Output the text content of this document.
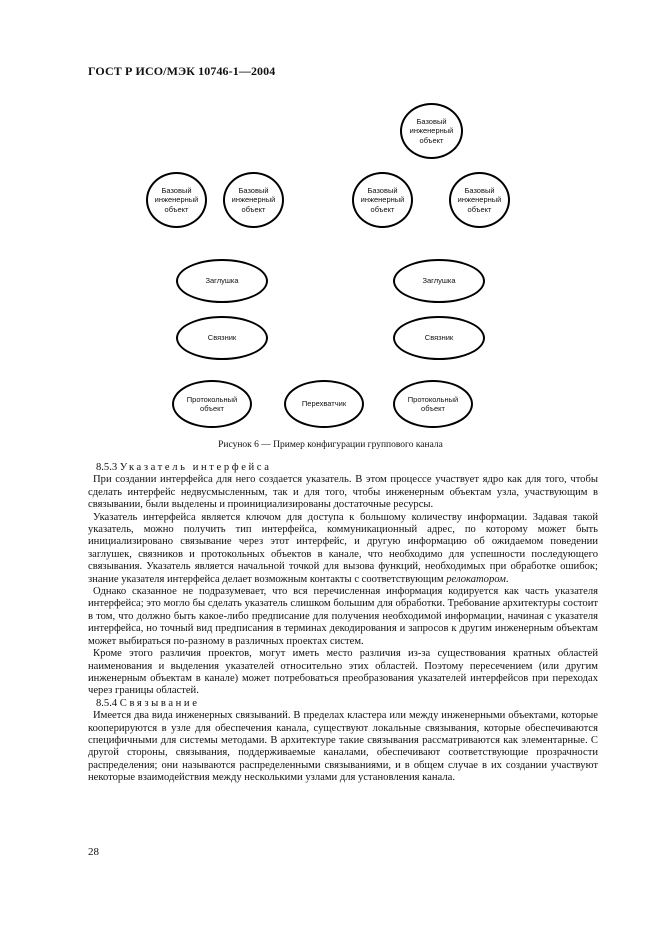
ГОСТ Р ИСО/МЭК 10746-1—2004
Базовый
инженерный
объект
Базовый
инженерный
объект
Базовый
инженерный
объект
Базовый
инженерный
объект
Базовый
инженерный
объект
Заглушка	Заглушка
Связник	Связник
Протокольный
объект
Перехватчик
Протокольный
объект
Рисунок 6 — Пример конфигурации группового канала

8.5.3 Указатель интерфейса

При создании интерфейса для него создается указатель. В этом процессе участвует ядро как для того, чтобы сделать интерфейс недвусмысленным, так и для того, чтобы инженерным объектам узла, участвующим в связывании, были выделены и проинициализированы достаточные ресурсы.

Указатель интерфейса является ключом для доступа к большому количеству информации. Задавая такой указатель, можно получить тип интерфейса, коммуникационный адрес, по которому может быть инициализировано связывание через этот интерфейс, и другую информацию об ожидаемом поведении заглушек, связников и протокольных объектов в канале, что необходимо для успешности последующего связывания. Указатель является начальной точкой для вызова функций, необходимых при обработке ошибок; знание указателя интерфейса делает возможным контакты с соответствующим релокатором.

Однако сказанное не подразумевает, что вся перечисленная информация кодируется как часть указателя интерфейса; это могло бы сделать указатель слишком большим для обработки. Требование архитектуры состоит в том, что должно быть какое-либо предписание для получения необходимой информации, начиная с указателя интерфейса, но точный вид предписания в терминах декодирования и запросов к другим инженерным объектам может выбираться по-разному в различных проектах систем.

Кроме этого различия проектов, могут иметь место различия из-за существования кратных областей наименования и выделения указателей относительно этих областей. Поэтому пересечением (или другим инженерным объектам в канале) может потребоваться преобразования указателей интерфейсов при переходах через границы областей.

8.5.4 Связывание

Имеется два вида инженерных связываний. В пределах кластера или между инженерными объектами, которые кооперируются в узле для обеспечения канала, существуют локальные связывания, которые обеспечиваются специфичными для системы методами. В архитектуре такие связывания рассматриваются как элементарные. С другой стороны, связывания, поддерживаемые каналами, обеспечивают соответствующие прозрачности распределения; они называются распределенными связываниями, и в общем случае в их создании участвуют некоторые взаимодействия между несколькими узлами для установления канала.

28
